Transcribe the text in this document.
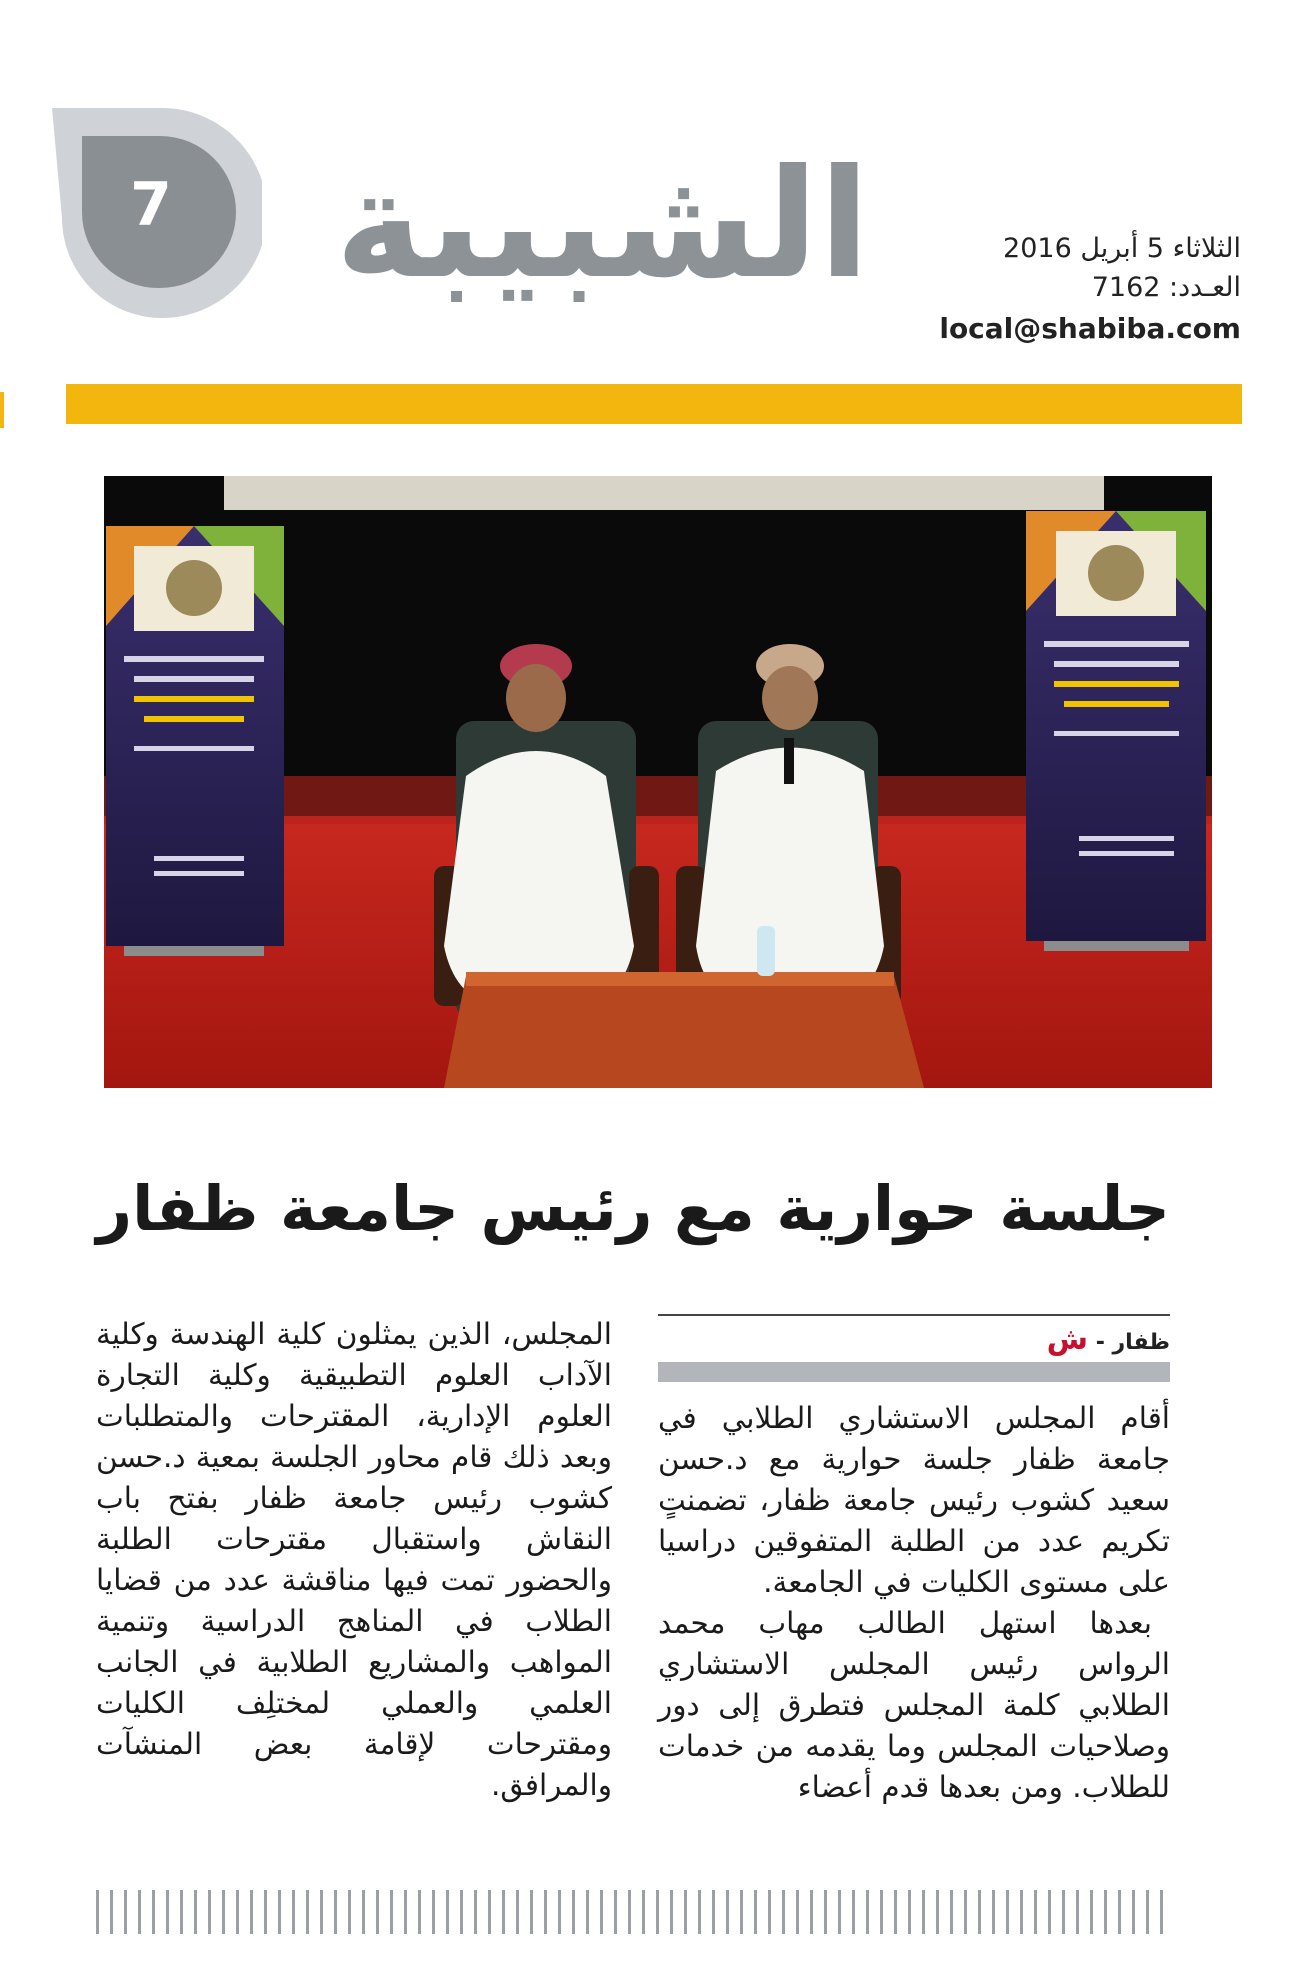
7 الشبيبة	الثلاثاء 5 أبريل 2016
العـدد: 7162
local@shabiba.com
جلسة حوارية مع رئيس جامعة ظفار
ظفار - ش

أقام المجلس الاستشاري الطلابي في جامعة ظفار جلسة حوارية مع د.حسن سعيد كشوب رئيس جامعة ظفار، تضمنتٍ تكريم عدد من الطلبة المتفوقين دراسيا على مستوى الكليات في الجامعة.

بعدها استهل الطالب مهاب محمد الرواس رئيس المجلس الاستشاري الطلابي كلمة المجلس فتطرق إلى دور وصلاحيات المجلس وما يقدمه من خدمات للطلاب. ومن بعدها قدم أعضاء

المجلس، الذين يمثلون كلية الهندسة وكلية الآداب العلوم التطبيقية وكلية التجارة العلوم الإدارية، المقترحات والمتطلبات وبعد ذلك قام محاور الجلسة بمعية د.حسن كشوب رئيس جامعة ظفار بفتح باب النقاش واستقبال مقترحات الطلبة والحضور تمت فيها مناقشة عدد من قضايا الطلاب في المناهج الدراسية وتنمية المواهب والمشاريع الطلابية في الجانب العلمي والعملي لمختلِف الكليات ومقترحات لإقامة بعض المنشآت والمرافق.
